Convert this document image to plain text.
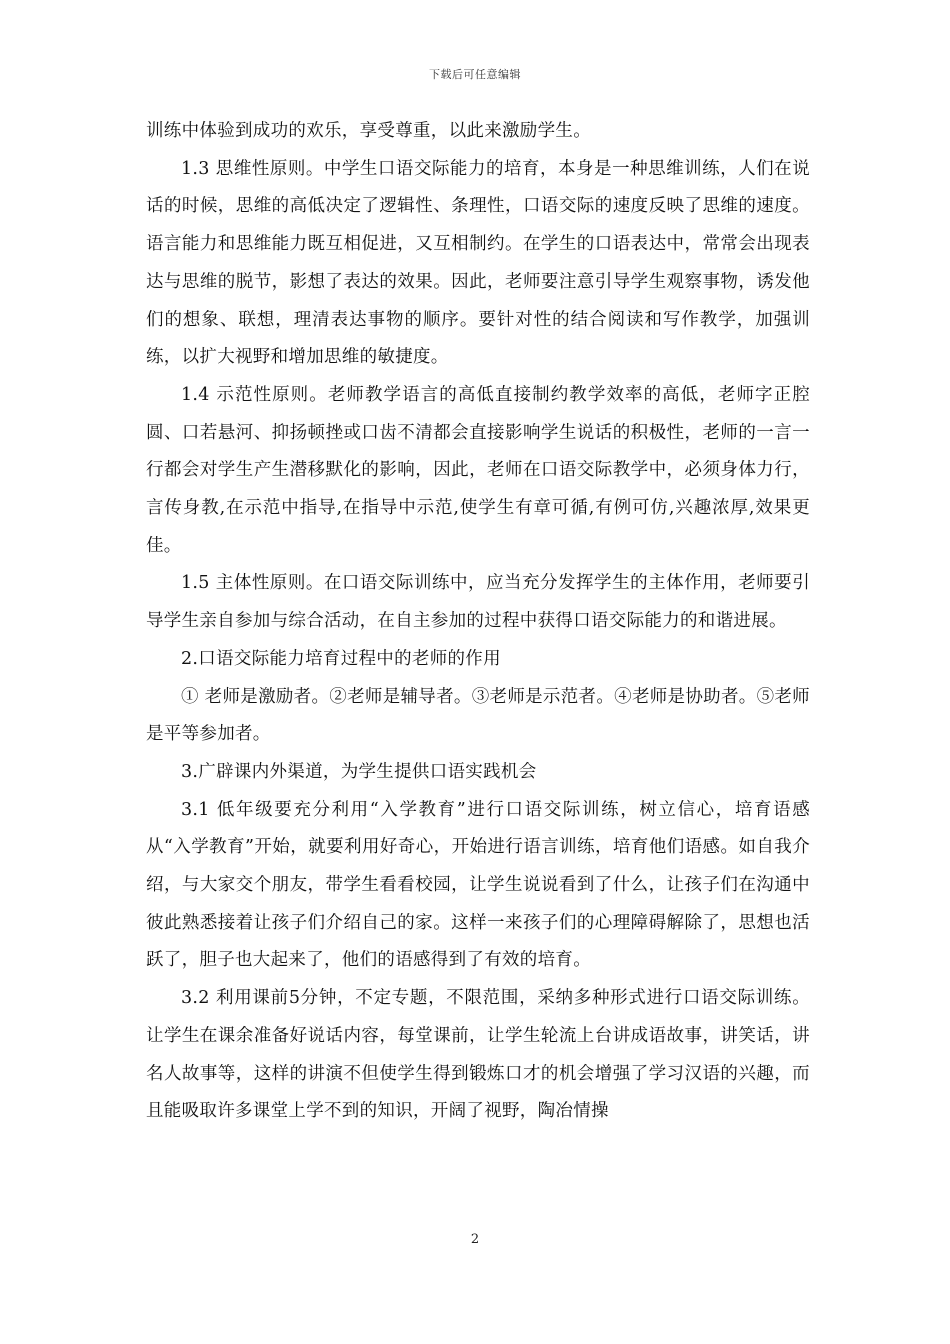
下载后可任意编辑

训练中体验到成功的欢乐，享受尊重，以此来激励学生。

1.3 思维性原则。中学生口语交际能力的培育，本身是一种思维训练，人们在说话的时候，思维的高低决定了逻辑性、条理性，口语交际的速度反映了思维的速度。语言能力和思维能力既互相促进，又互相制约。在学生的口语表达中，常常会出现表达与思维的脱节，影想了表达的效果。因此，老师要注意引导学生观察事物，诱发他们的想象、联想，理清表达事物的顺序。要针对性的结合阅读和写作教学，加强训练，以扩大视野和增加思维的敏捷度。

1.4 示范性原则。老师教学语言的高低直接制约教学效率的高低，老师字正腔圆、口若悬河、抑扬顿挫或口齿不清都会直接影响学生说话的积极性，老师的一言一行都会对学生产生潜移默化的影响，因此，老师在口语交际教学中，必须身体力行，言传身教,在示范中指导,在指导中示范,使学生有章可循,有例可仿,兴趣浓厚,效果更佳。

1.5 主体性原则。在口语交际训练中，应当充分发挥学生的主体作用，老师要引导学生亲自参加与综合活动，在自主参加的过程中获得口语交际能力的和谐进展。

2.口语交际能力培育过程中的老师的作用

① 老师是激励者。②老师是辅导者。③老师是示范者。④老师是协助者。⑤老师是平等参加者。

3.广辟课内外渠道，为学生提供口语实践机会

3.1 低年级要充分利用“入学教育”进行口语交际训练，树立信心，培育语感 从“入学教育”开始，就要利用好奇心，开始进行语言训练，培育他们语感。如自我介绍，与大家交个朋友，带学生看看校园，让学生说说看到了什么，让孩子们在沟通中彼此熟悉接着让孩子们介绍自己的家。这样一来孩子们的心理障碍解除了，思想也活跃了，胆子也大起来了，他们的语感得到了有效的培育。

3.2 利用课前5分钟，不定专题，不限范围，采纳多种形式进行口语交际训练。让学生在课余准备好说话内容，每堂课前，让学生轮流上台讲成语故事，讲笑话，讲名人故事等，这样的讲演不但使学生得到锻炼口才的机会增强了学习汉语的兴趣，而且能吸取许多课堂上学不到的知识，开阔了视野，陶冶情操

2
